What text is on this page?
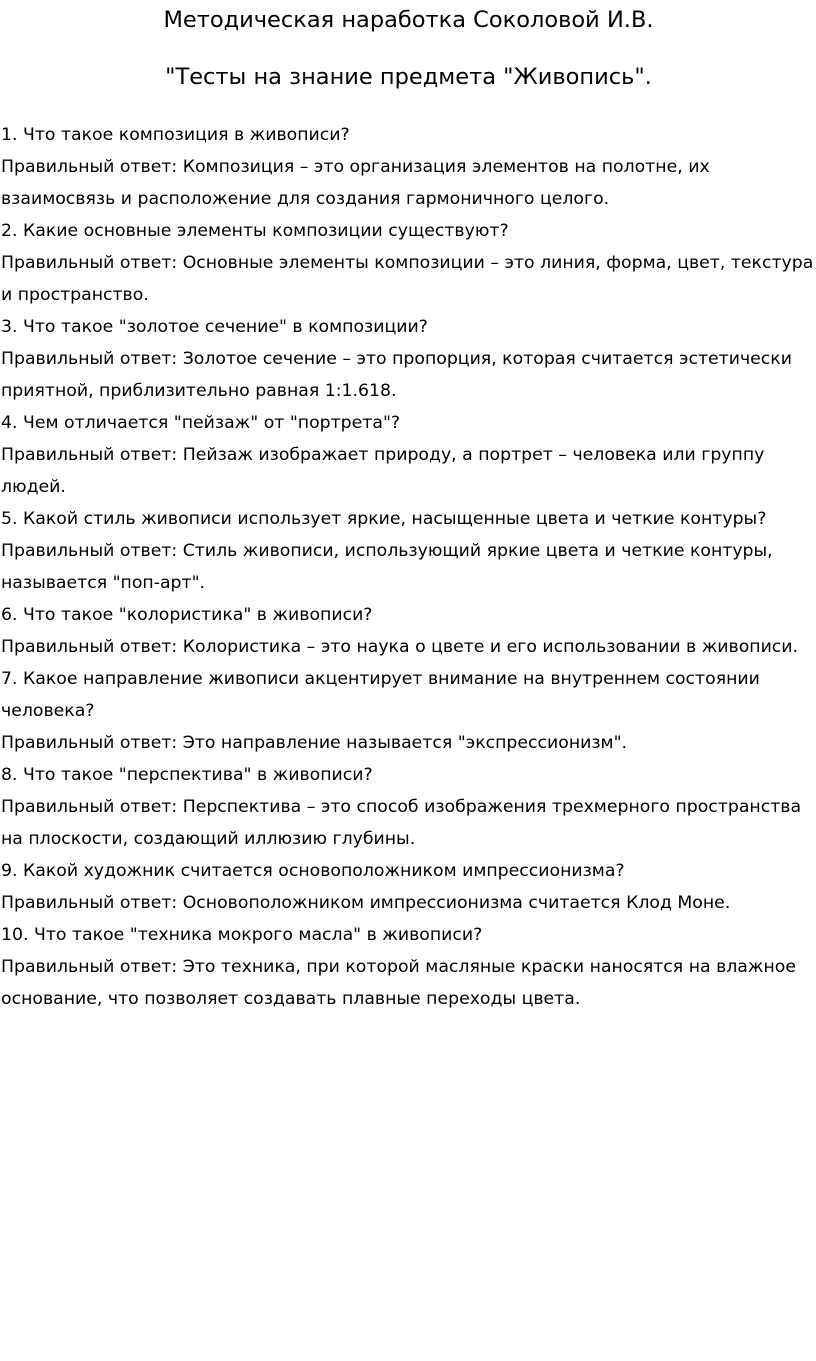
Методическая наработка Соколовой И.В.
"Тесты на знание предмета "Живопись".

1. Что такое композиция в живописи?

Правильный ответ: Композиция – это организация элементов на полотне, их взаимосвязь и расположение для создания гармоничного целого.

2. Какие основные элементы композиции существуют?

Правильный ответ: Основные элементы композиции – это линия, форма, цвет, текстура и пространство.

3. Что такое "золотое сечение" в композиции?

Правильный ответ: Золотое сечение – это пропорция, которая считается эстетически приятной, приблизительно равная 1:1.618.

4. Чем отличается "пейзаж" от "портрета"?

Правильный ответ: Пейзаж изображает природу, а портрет – человека или группу людей.

5. Какой стиль живописи использует яркие, насыщенные цвета и четкие контуры?

Правильный ответ: Стиль живописи, использующий яркие цвета и четкие контуры, называется "поп-арт".

6. Что такое "колористика" в живописи?

Правильный ответ: Колористика – это наука о цвете и его использовании в живописи.

7. Какое направление живописи акцентирует внимание на внутреннем состоянии человека?

Правильный ответ: Это направление называется "экспрессионизм".

8. Что такое "перспектива" в живописи?

Правильный ответ: Перспектива – это способ изображения трехмерного пространства на плоскости, создающий иллюзию глубины.

9. Какой художник считается основоположником импрессионизма?

Правильный ответ: Основоположником импрессионизма считается Клод Моне.

10. Что такое "техника мокрого масла" в живописи?

Правильный ответ: Это техника, при которой масляные краски наносятся на влажное основание, что позволяет создавать плавные переходы цвета.
